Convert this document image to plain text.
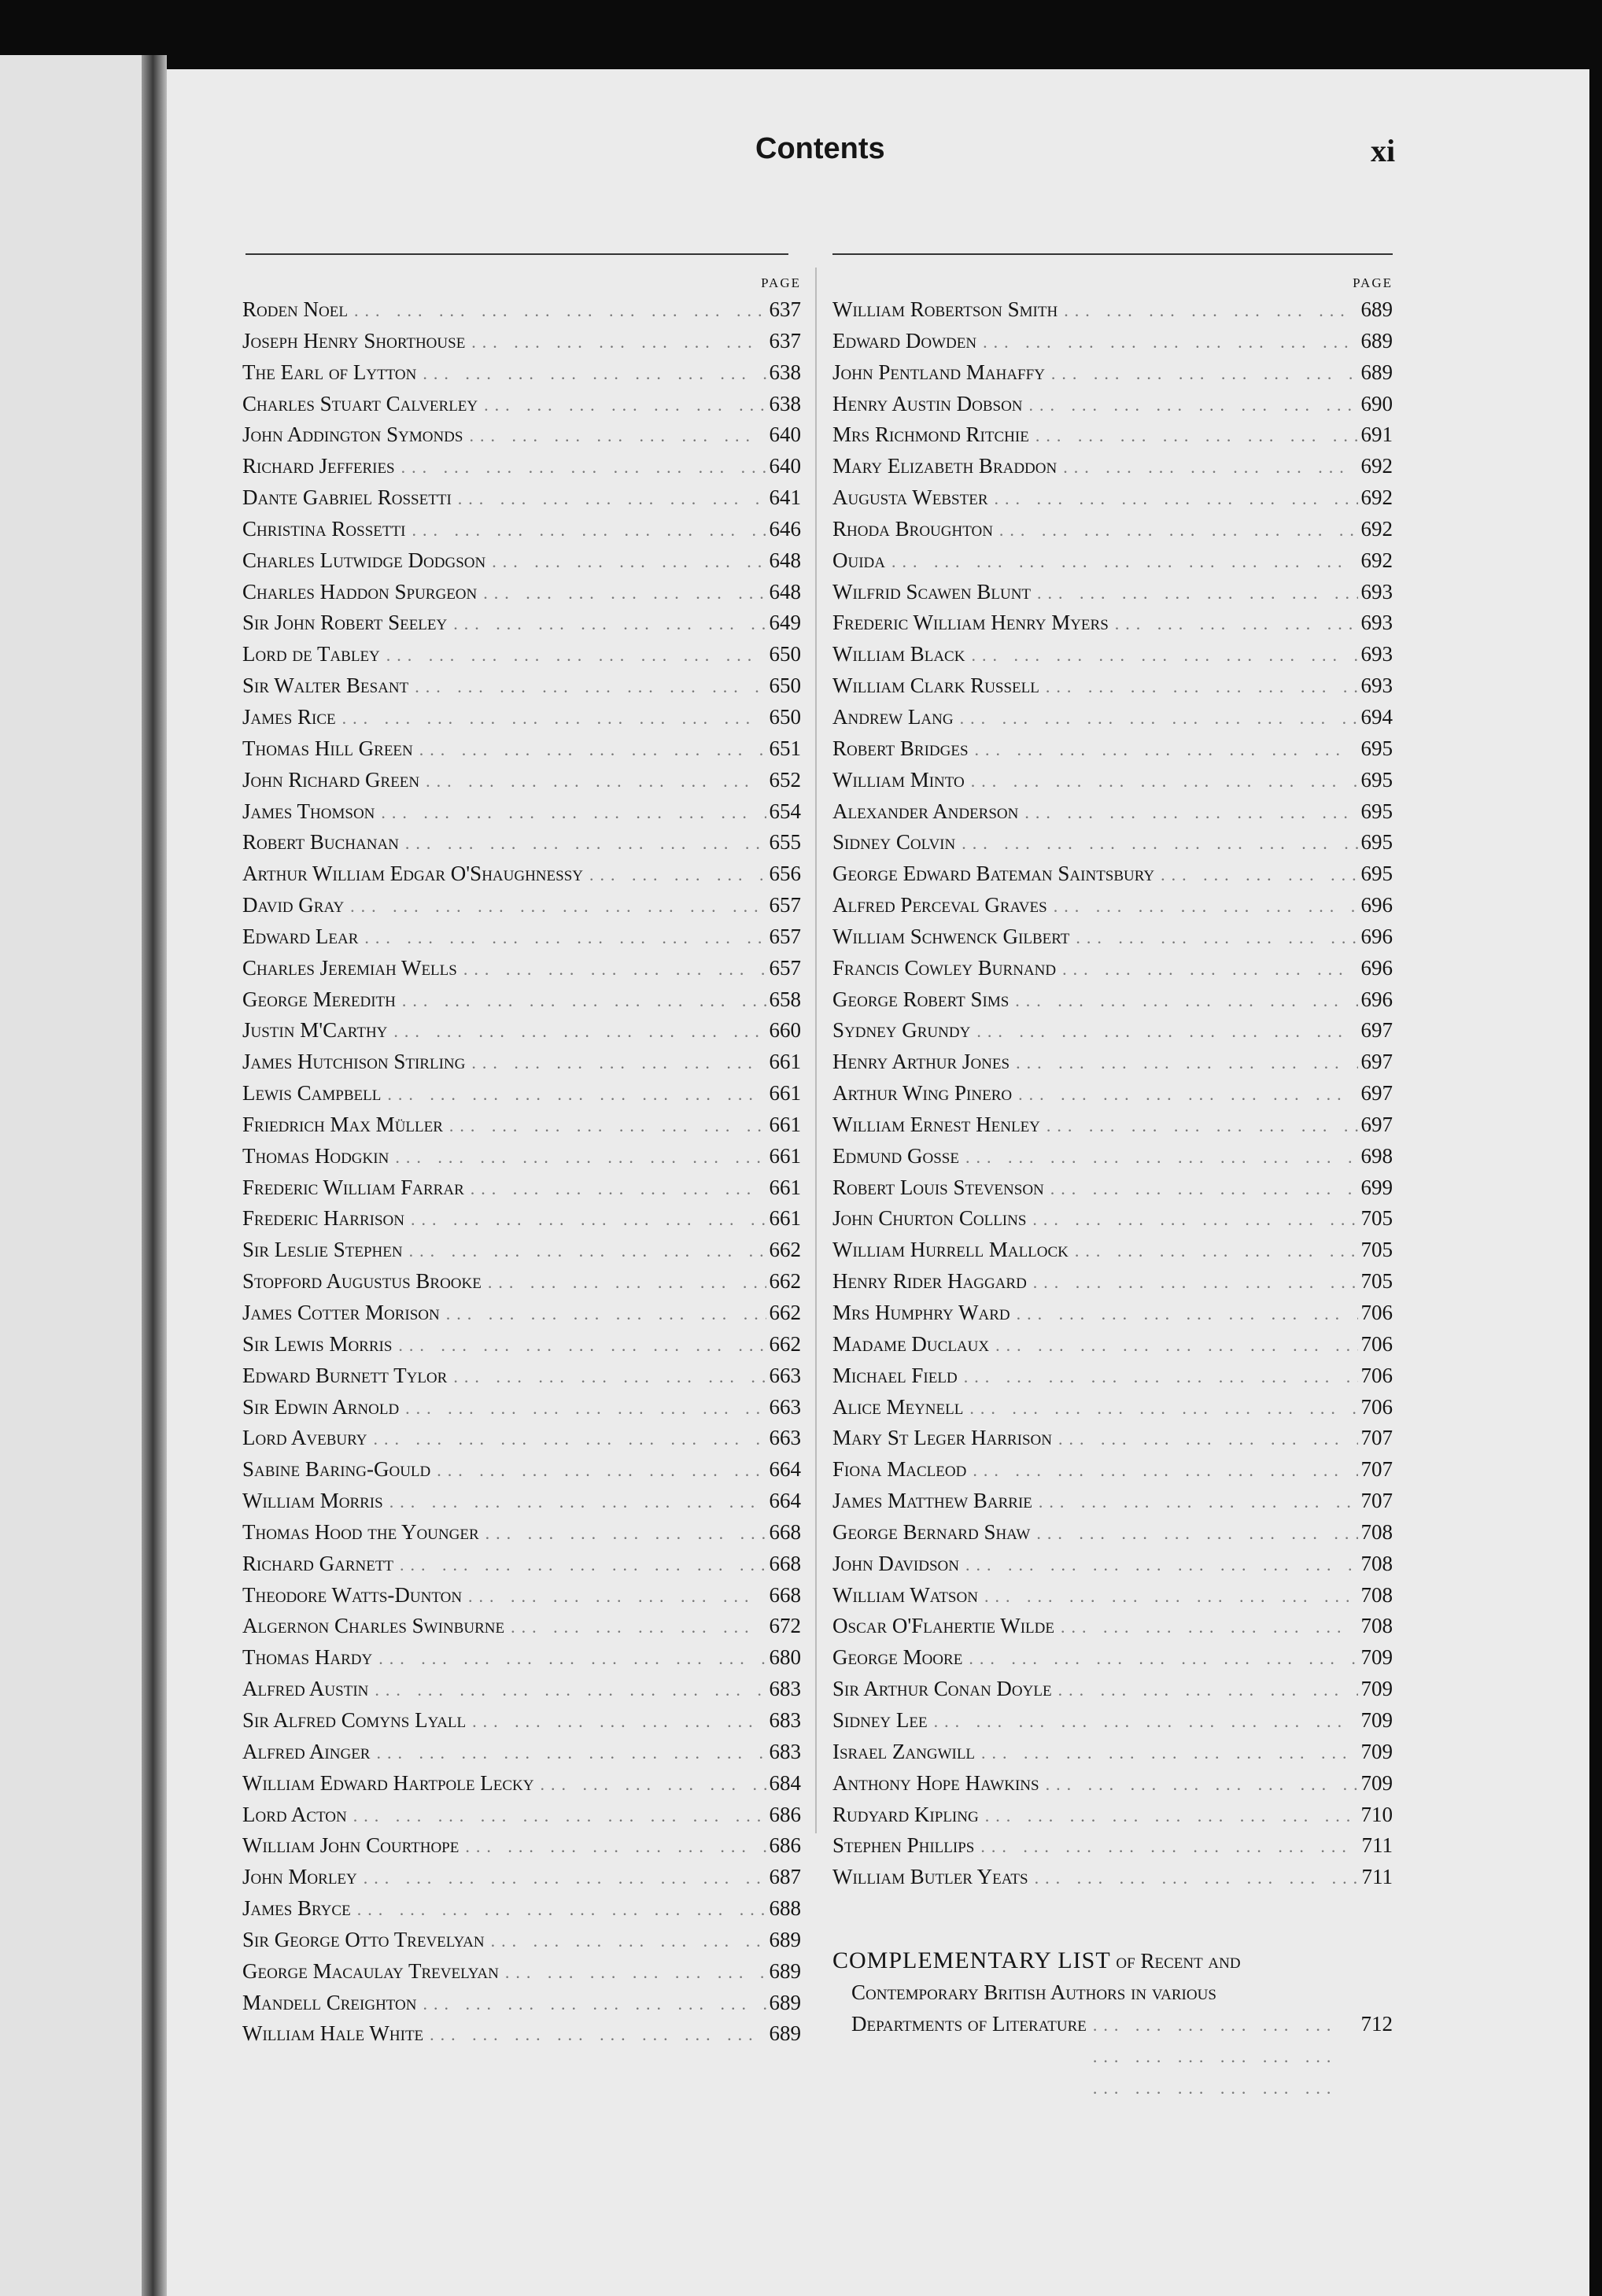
Contents	xi
PAGE
Roden Noel ... .	637
Joseph Henry Shorthouse ... .	637
The Earl of Lytton ... .	638
Charles Stuart Calverley ... .	638
John Addington Symonds ... .	640
Richard Jefferies ... .	640
Dante Gabriel Rossetti ... .	641
Christina Rossetti ... .	646
Charles Lutwidge Dodgson ... .	648
Charles Haddon Spurgeon ... .	648
Sir John Robert Seeley ... .	649
Lord de Tabley ... .	650
Sir Walter Besant ... .	650
James Rice ... .	650
Thomas Hill Green ... .	651
John Richard Green ... .	652
James Thomson ... .	654
Robert Buchanan ... .	655
Arthur William Edgar O'Shaughnessy ... .	656
David Gray ... .	657
Edward Lear ... .	657
Charles Jeremiah Wells ... .	657
George Meredith ... .	658
Justin M'Carthy ... .	660
James Hutchison Stirling ... .	661
Lewis Campbell ... .	661
Friedrich Max Müller ... .	661
Thomas Hodgkin ... .	661
Frederic William Farrar ... .	661
Frederic Harrison ... .	661
Sir Leslie Stephen ... .	662
Stopford Augustus Brooke ... .	662
James Cotter Morison ... .	662
Sir Lewis Morris ... .	662
Edward Burnett Tylor ... .	663
Sir Edwin Arnold ... .	663
Lord Avebury ... .	663
Sabine Baring-Gould ... .	664
William Morris ... .	664
Thomas Hood the Younger ... .	668
Richard Garnett ... .	668
Theodore Watts-Dunton ... .	668
Algernon Charles Swinburne ... .	672
Thomas Hardy ... .	680
Alfred Austin ... .	683
Sir Alfred Comyns Lyall ... .	683
Alfred Ainger ... .	683
William Edward Hartpole Lecky ... .	684
Lord Acton ... .	686
William John Courthope ... .	686
John Morley ... .	687
James Bryce ... .	688
Sir George Otto Trevelyan ... .	689
George Macaulay Trevelyan ... .	689
Mandell Creighton ... .	689
William Hale White ... .	689
PAGE
William Robertson Smith ... .	689
Edward Dowden ... .	689
John Pentland Mahaffy ... .	689
Henry Austin Dobson ... .	690
Mrs Richmond Ritchie ... .	691
Mary Elizabeth Braddon ... .	692
Augusta Webster ... .	692
Rhoda Broughton ... .	692
Ouida ... .	692
Wilfrid Scawen Blunt ... .	693
Frederic William Henry Myers ... .	693
William Black ... .	693
William Clark Russell ... .	693
Andrew Lang ... .	694
Robert Bridges ... .	695
William Minto ... .	695
Alexander Anderson ... .	695
Sidney Colvin ... .	695
George Edward Bateman Saintsbury ... .	695
Alfred Perceval Graves ... .	696
William Schwenck Gilbert ... .	696
Francis Cowley Burnand ... .	696
George Robert Sims ... .	696
Sydney Grundy ... .	697
Henry Arthur Jones ... .	697
Arthur Wing Pinero ... .	697
William Ernest Henley ... .	697
Edmund Gosse ... .	698
Robert Louis Stevenson ... .	699
John Churton Collins ... .	705
William Hurrell Mallock ... .	705
Henry Rider Haggard ... .	705
Mrs Humphry Ward ... .	706
Madame Duclaux ... .	706
Michael Field ... .	706
Alice Meynell ... .	706
Mary St Leger Harrison ... .	707
Fiona Macleod ... .	707
James Matthew Barrie ... .	707
George Bernard Shaw ... .	708
John Davidson ... .	708
William Watson ... .	708
Oscar O'Flahertie Wilde ... .	708
George Moore ... .	709
Sir Arthur Conan Doyle ... .	709
Sidney Lee ... .	709
Israel Zangwill ... .	709
Anthony Hope Hawkins ... .	709
Rudyard Kipling ... .	710
Stephen Phillips ... .	711
William Butler Yeats ... .	711
COMPLEMENTARY LIST of Recent and
Contemporary British Authors in various
Departments of Literature ... .	712
